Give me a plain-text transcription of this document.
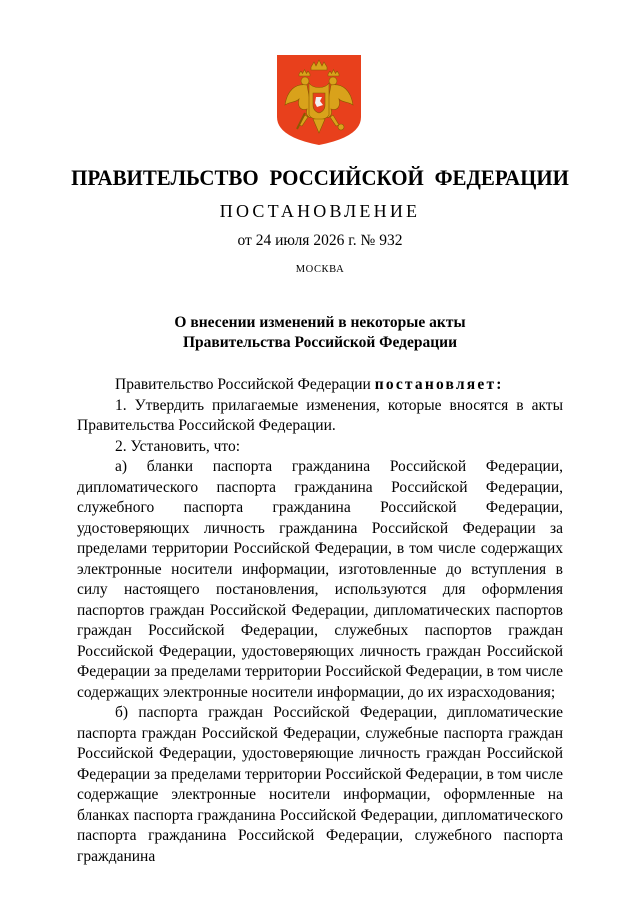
ПРАВИТЕЛЬСТВО РОССИЙСКОЙ ФЕДЕРАЦИИ
ПОСТАНОВЛЕНИЕ
от 24 июля 2026 г. № 932
МОСКВА
О внесении изменений в некоторые акты
Правительства Российской Федерации

Правительство Российской Федерации постановляет:

1. Утвердить прилагаемые изменения, которые вносятся в акты Правительства Российской Федерации.

2. Установить, что:

а) бланки паспорта гражданина Российской Федерации, дипломатического паспорта гражданина Российской Федерации, служебного паспорта гражданина Российской Федерации, удостоверяющих личность гражданина Российской Федерации за пределами территории Российской Федерации, в том числе содержащих электронные носители информации, изготовленные до вступления в силу настоящего постановления, используются для оформления паспортов граждан Российской Федерации, дипломатических паспортов граждан Российской Федерации, служебных паспортов граждан Российской Федерации, удостоверяющих личность граждан Российской Федерации за пределами территории Российской Федерации, в том числе содержащих электронные носители информации, до их израсходования;

б) паспорта граждан Российской Федерации, дипломатические паспорта граждан Российской Федерации, служебные паспорта граждан Российской Федерации, удостоверяющие личность граждан Российской Федерации за пределами территории Российской Федерации, в том числе содержащие электронные носители информации, оформленные на бланках паспорта гражданина Российской Федерации, дипломатического паспорта гражданина Российской Федерации, служебного паспорта гражданина
